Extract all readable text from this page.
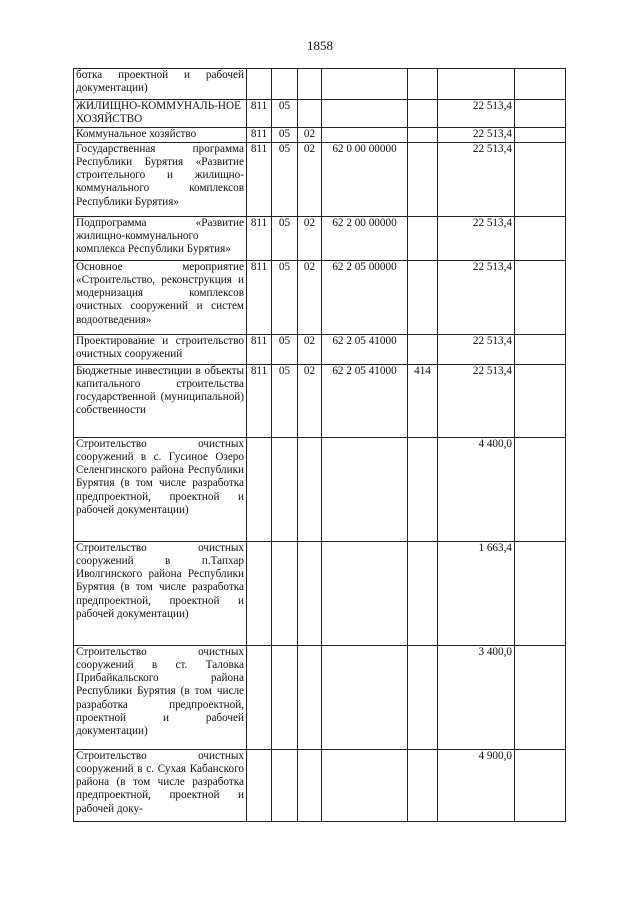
1858
ботка проектной и рабочей документации)							
ЖИЛИЩНО-КОММУНАЛЬ-НОЕ ХОЗЯЙСТВО	811	05				22 513,4	
Коммунальное хозяйство	811	05	02			22 513,4	
Государственная программа Республики Бурятия «Развитие строительного и жилищно-коммунального комплексов Республики Бурятия»	811	05	02	62 0 00 00000		22 513,4	
Подпрограмма «Развитие жилищно-коммунального комплекса Республики Бурятия»	811	05	02	62 2 00 00000		22 513,4	
Основное мероприятие «Строительство, реконструкция и модернизация комплексов очистных сооружений и систем водоотведения»	811	05	02	62 2 05 00000		22 513,4	
Проектирование и строительство очистных сооружений	811	05	02	62 2 05 41000		22 513,4	
Бюджетные инвестиции в объекты капитального строительства государственной (муниципальной) собственности	811	05	02	62 2 05 41000	414	22 513,4	
Строительство очистных сооружений в с. Гусиное Озеро Селенгинского района Республики Бурятия (в том числе разработка предпроектной, проектной и рабочей документации)						4 400,0	
Строительство очистных сооружений в п.Тапхар Иволгинского района Республики Бурятия (в том числе разработка предпроектной, проектной и рабочей документации)						1 663,4	
Строительство очистных сооружений в ст. Таловка Прибайкальского района Республики Бурятия (в том числе разработка предпроектной, проектной и рабочей документации)						3 400,0	
Строительство очистных сооружений в с. Сухая Кабанского района (в том числе разработка предпроектной, проектной и рабочей доку-						4 900,0	
